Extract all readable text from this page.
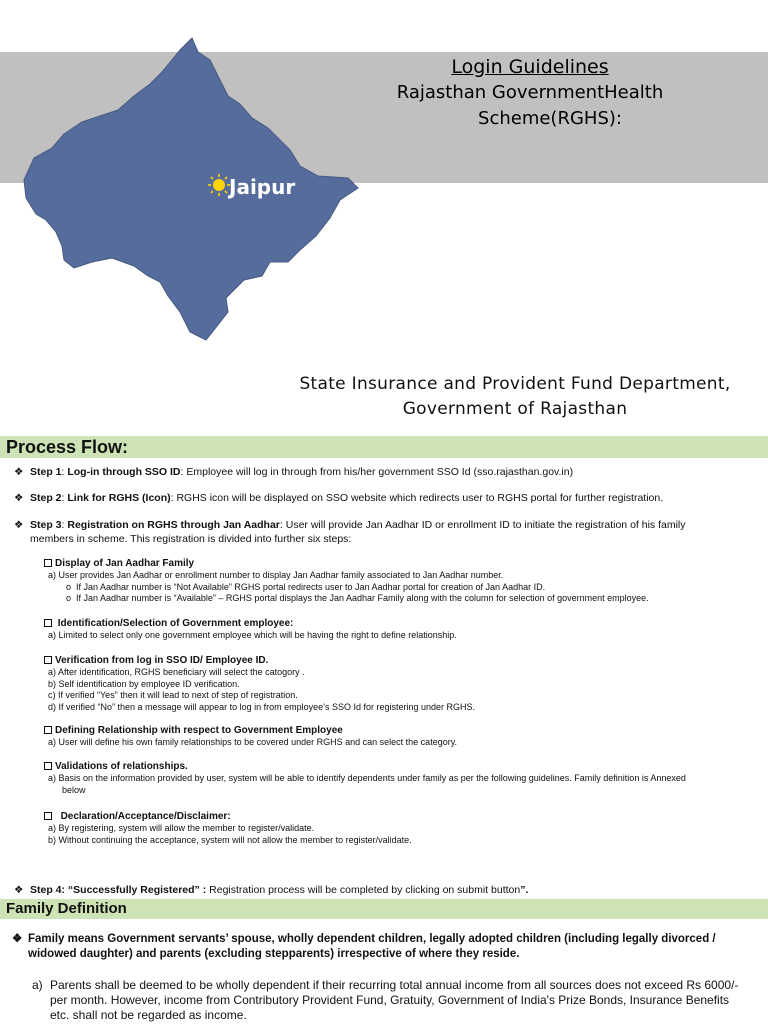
Jaipur
Login Guidelines
Rajasthan GovernmentHealth
Scheme(RGHS):
State Insurance and Provident Fund Department,
Government of Rajasthan
Process Flow:
❖ Step 1: Log-in through SSO ID: Employee will log in through from his/her government SSO Id (sso.rajasthan.gov.in)
❖ Step 2: Link for RGHS (Icon): RGHS icon will be displayed on SSO website which redirects user to RGHS portal for further registration.
❖ Step 3: Registration on RGHS through Jan Aadhar: User will provide Jan Aadhar ID or enrollment ID to initiate the registration of his family
members in scheme. This registration is divided into further six steps:
Display of Jan Aadhar Family
a) User provides Jan Aadhar or enrollment number to display Jan Aadhar family associated to Jan Aadhar number.
o  If Jan Aadhar number is “Not Available” RGHS portal redirects user to Jan Aadhar portal for creation of Jan Aadhar ID.
o  If Jan Aadhar number is “Available” – RGHS portal displays the Jan Aadhar Family along with the column for selection of government employee.
Identification/Selection of Government employee:
a) Limited to select only one government employee which will be having the right to define relationship.
Verification from log in SSO ID/ Employee ID.
a) After identification, RGHS beneficiary will select the catogory .
b) Self identification by employee ID verification.
c) If verified “Yes” then it will lead to next of step of registration.
d) If verified “No” then a message will appear to log in from employee’s SSO Id for registering under RGHS.
Defining Relationship with respect to Government Employee
a) User will define his own family relationships to be covered under RGHS and can select the category.
Validations of relationships.
a) Basis on the information provided by user, system will be able to identify dependents under family as per the following guidelines. Family definition is Annexed
below
Declaration/Acceptance/Disclaimer:
a) By registering, system will allow the member to register/validate.
b) Without continuing the acceptance, system will not allow the member to register/validate.
❖ Step 4: “Successfully Registered” : Registration process will be completed by clicking on submit button”.
Family Definition
❖ Family means Government servants’ spouse, wholly dependent children, legally adopted children (including legally divorced / widowed daughter) and parents (excluding stepparents) irrespective of where they reside.
a) Parents shall be deemed to be wholly dependent if their recurring total annual income from all sources does not exceed Rs 6000/- per month. However, income from Contributory Provident Fund, Gratuity, Government of India's Prize Bonds, Insurance Benefits etc. shall not be regarded as income.
